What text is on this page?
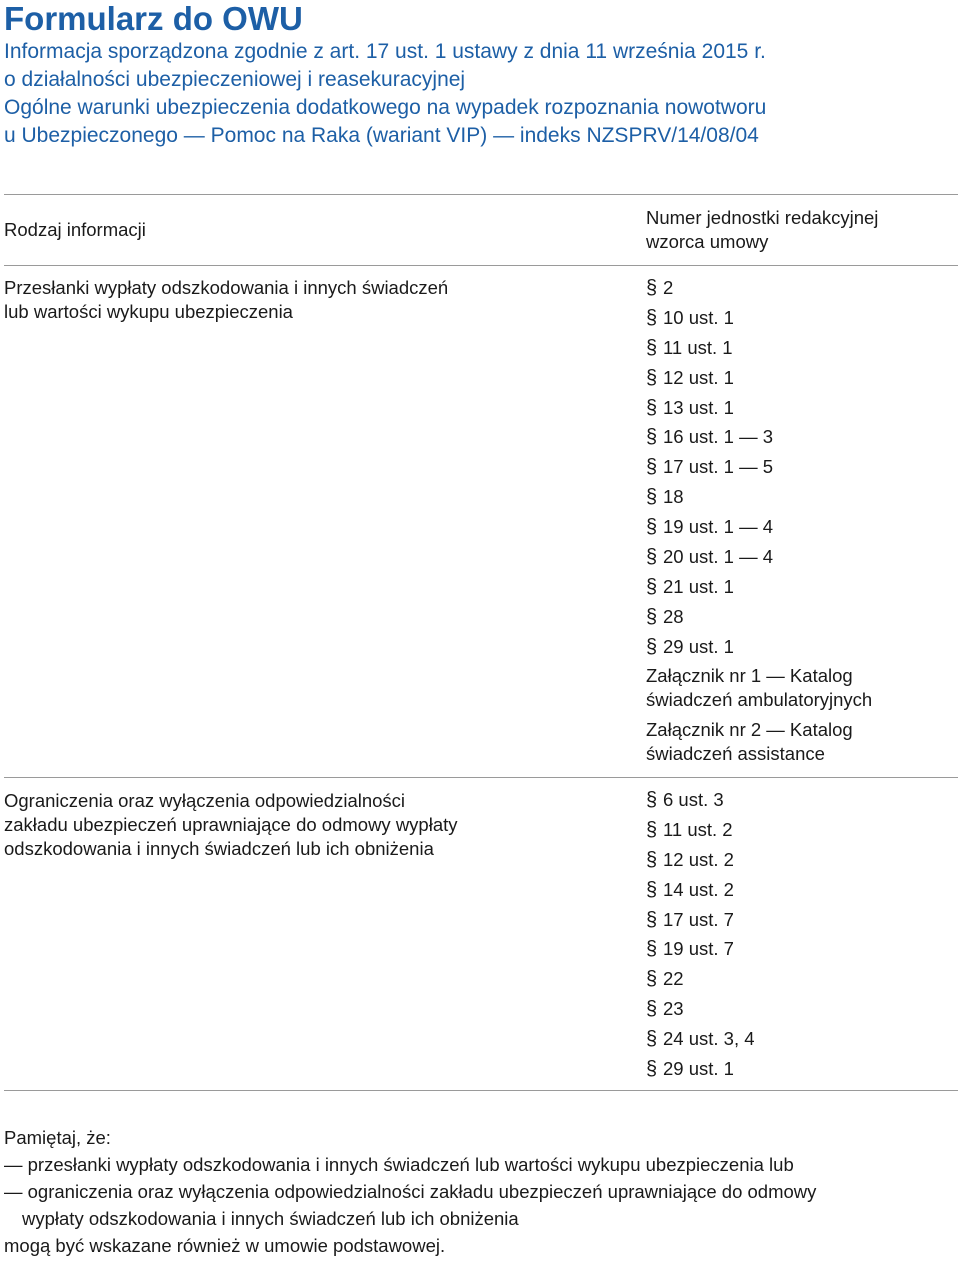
Formularz do OWU
Informacja sporządzona zgodnie z art. 17 ust. 1 ustawy z dnia 11 września 2015 r.
o działalności ubezpieczeniowej i reasekuracyjnej
Ogólne warunki ubezpieczenia dodatkowego na wypadek rozpoznania nowotworu
u Ubezpieczonego — Pomoc na Raka (wariant VIP) — indeks NZSPRV/14/08/04
Rodzaj informacji
Numer jednostki redakcyjnej
wzorca umowy
Przesłanki wypłaty odszkodowania i innych świadczeń
lub wartości wykupu ubezpieczenia
§ 2
§ 10 ust. 1
§ 11 ust. 1
§ 12 ust. 1
§ 13 ust. 1
§ 16 ust. 1 — 3
§ 17 ust. 1 — 5
§ 18
§ 19 ust. 1 — 4
§ 20 ust. 1 — 4
§ 21 ust. 1
§ 28
§ 29 ust. 1
Załącznik nr 1 — Katalog
świadczeń ambulatoryjnych
Załącznik nr 2 — Katalog
świadczeń assistance
Ograniczenia oraz wyłączenia odpowiedzialności
zakładu ubezpieczeń uprawniające do odmowy wypłaty
odszkodowania i innych świadczeń lub ich obniżenia
§ 6 ust. 3
§ 11 ust. 2
§ 12 ust. 2
§ 14 ust. 2
§ 17 ust. 7
§ 19 ust. 7
§ 22
§ 23
§ 24 ust. 3, 4
§ 29 ust. 1
Pamiętaj, że:
— przesłanki wypłaty odszkodowania i innych świadczeń lub wartości wykupu ubezpieczenia lub
— ograniczenia oraz wyłączenia odpowiedzialności zakładu ubezpieczeń uprawniające do odmowy
wypłaty odszkodowania i innych świadczeń lub ich obniżenia
mogą być wskazane również w umowie podstawowej.
